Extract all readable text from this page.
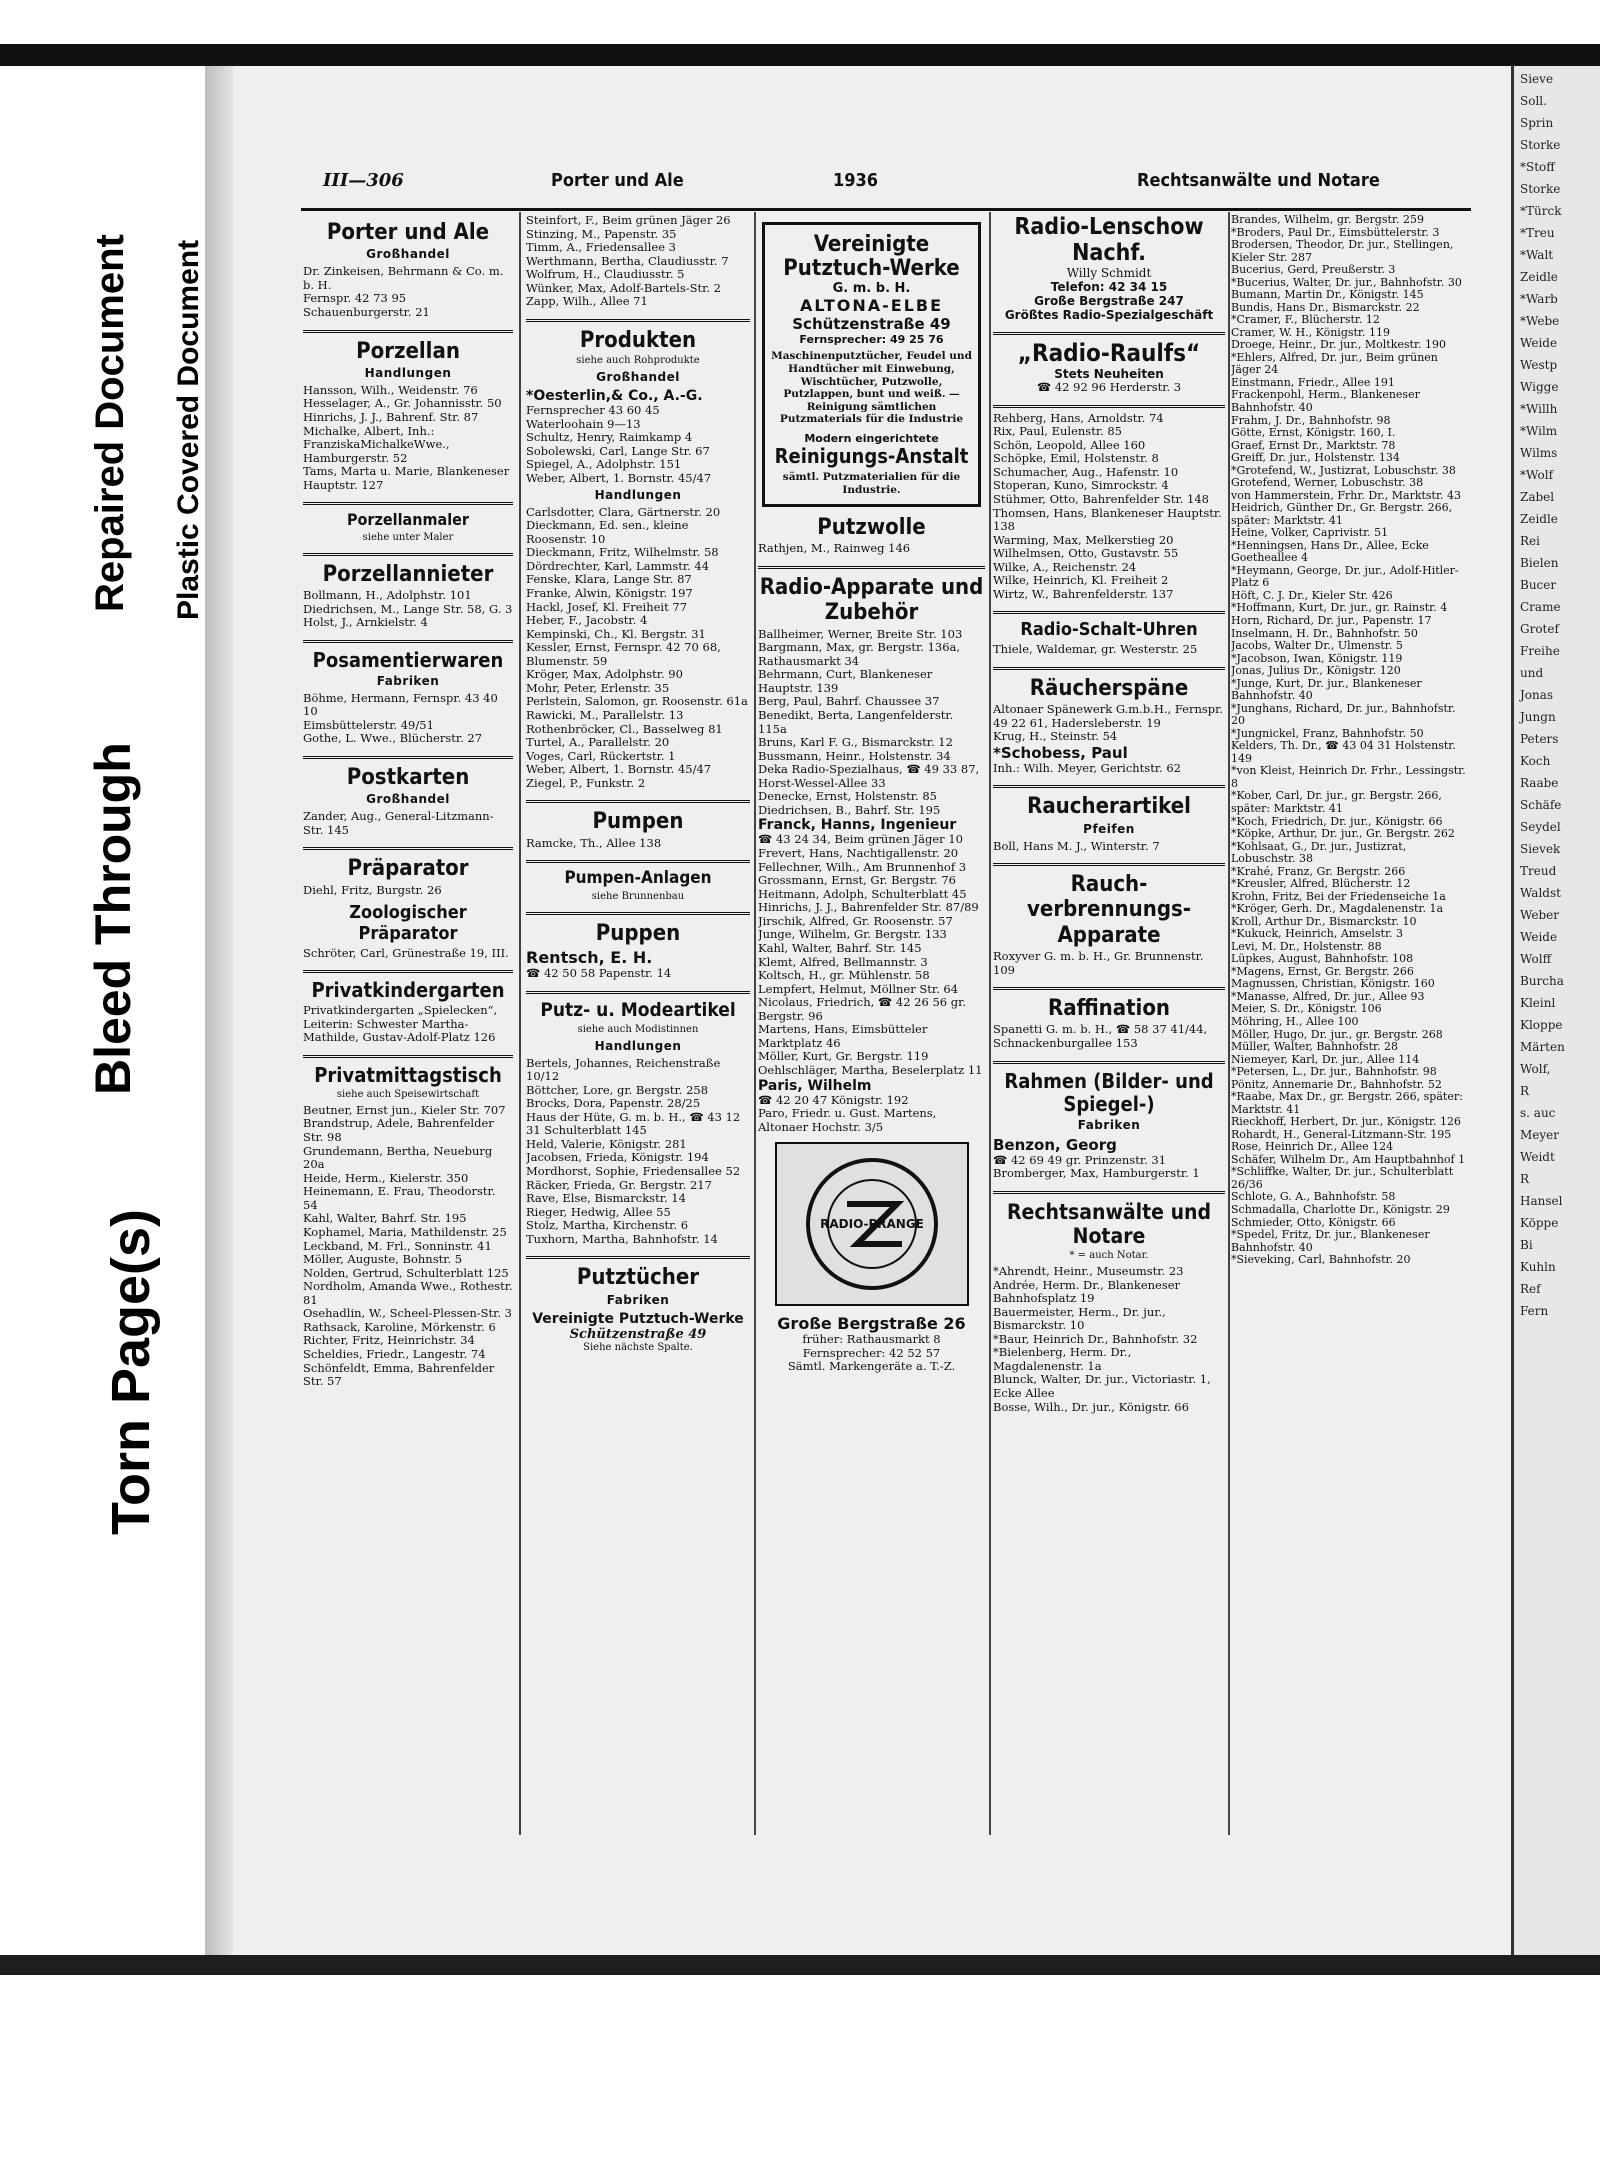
Torn Page(s)
Bleed Through
Repaired Document Plastic Covered Document
III—306	Porter und Ale	1936	Rechtsanwälte und Notare
Porter und Ale
Großhandel

Dr. Zinkeisen, Behrmann & Co. m. b. H.
Fernspr. 42 73 95
Schauenburgerstr. 21

Porzellan
Handlungen

Hansson, Wilh., Weidenstr. 76
Hesselager, A., Gr. Johannisstr. 50
Hinrichs, J. J., Bahrenf. Str. 87
Michalke, Albert, Inh.: FranziskaMichalkeWwe., Hamburgerstr. 52
Tams, Marta u. Marie, Blankeneser Hauptstr. 127

Porzellanmaler
siehe unter Maler
Porzellannieter

Bollmann, H., Adolphstr. 101
Diedrichsen, M., Lange Str. 58, G. 3
Holst, J., Arnkielstr. 4

Posamentierwaren
Fabriken

Böhme, Hermann, Fernspr. 43 40 10
Eimsbüttelerstr. 49/51
Gothe, L. Wwe., Blücherstr. 27

Postkarten
Großhandel

Zander, Aug., General-Litzmann-Str. 145

Präparator

Diehl, Fritz, Burgstr. 26

Zoologischer Präparator

Schröter, Carl, Grünestraße 19, III.

Privatkindergarten

Privatkindergarten „Spielecken“, Leiterin: Schwester Martha-Mathilde, Gustav-Adolf-Platz 126

Privatmittagstisch
siehe auch Speisewirtschaft

Beutner, Ernst jun., Kieler Str. 707
Brandstrup, Adele, Bahrenfelder Str. 98
Grundemann, Bertha, Neueburg 20a
Heide, Herm., Kielerstr. 350
Heinemann, E. Frau, Theodorstr. 54
Kahl, Walter, Bahrf. Str. 195
Kophamel, Maria, Mathildenstr. 25
Leckband, M. Frl., Sonninstr. 41
Möller, Auguste, Bohnstr. 5
Nolden, Gertrud, Schulterblatt 125
Nordholm, Amanda Wwe., Rothestr. 81
Osehadlin, W., Scheel-Plessen-Str. 3
Rathsack, Karoline, Mörkenstr. 6
Richter, Fritz, Heinrichstr. 34
Scheldies, Friedr., Langestr. 74
Schönfeldt, Emma, Bahrenfelder Str. 57

Steinfort, F., Beim grünen Jäger 26
Stinzing, M., Papenstr. 35
Timm, A., Friedensallee 3
Werthmann, Bertha, Claudiusstr. 7
Wolfrum, H., Claudiusstr. 5
Wünker, Max, Adolf-Bartels-Str. 2
Zapp, Wilh., Allee 71

Produkten
siehe auch Rohprodukte
Großhandel
*Oesterlin,& Co., A.-G.

Fernsprecher 43 60 45
Waterloohain 9—13
Schultz, Henry, Raimkamp 4
Sobolewski, Carl, Lange Str. 67
Spiegel, A., Adolphstr. 151
Weber, Albert, 1. Bornstr. 45/47

Handlungen

Carlsdotter, Clara, Gärtnerstr. 20
Dieckmann, Ed. sen., kleine Roosenstr. 10
Dieckmann, Fritz, Wilhelmstr. 58
Dördrechter, Karl, Lammstr. 44
Fenske, Klara, Lange Str. 87
Franke, Alwin, Königstr. 197
Hackl, Josef, Kl. Freiheit 77
Heber, F., Jacobstr. 4
Kempinski, Ch., Kl. Bergstr. 31
Kessler, Ernst, Fernspr. 42 70 68, Blumenstr. 59
Kröger, Max, Adolphstr. 90
Mohr, Peter, Erlenstr. 35
Perlstein, Salomon, gr. Roosenstr. 61a
Rawicki, M., Parallelstr. 13
Rothenbröcker, Cl., Basselweg 81
Turtel, A., Parallelstr. 20
Voges, Carl, Rückertstr. 1
Weber, Albert, 1. Bornstr. 45/47
Ziegel, P., Funkstr. 2

Pumpen

Ramcke, Th., Allee 138

Pumpen-Anlagen
siehe Brunnenbau
Puppen
Rentsch, E. H.

☎ 42 50 58 Papenstr. 14

Putz- u. Modeartikel
siehe auch Modistinnen
Handlungen

Bertels, Johannes, Reichenstraße 10/12
Böttcher, Lore, gr. Bergstr. 258
Brocks, Dora, Papenstr. 28/25
Haus der Hüte, G. m. b. H., ☎ 43 12 31 Schulterblatt 145
Held, Valerie, Königstr. 281
Jacobsen, Frieda, Königstr. 194
Mordhorst, Sophie, Friedensallee 52
Räcker, Frieda, Gr. Bergstr. 217
Rave, Else, Bismarckstr. 14
Rieger, Hedwig, Allee 55
Stolz, Martha, Kirchenstr. 6
Tuxhorn, Martha, Bahnhofstr. 14

Putztücher
Fabriken
Vereinigte Putztuch-Werke
Schützenstraße 49
Siehe nächste Spalte.
Vereinigte Putztuch-Werke
G. m. b. H.
ALTONA-ELBE
Schützenstraße 49
Fernsprecher: 49 25 76
Maschinenputztücher, Feudel und Handtücher mit Einwebung, Wischtücher, Putzwolle, Putzlappen, bunt und weiß. — Reinigung sämtlichen Putzmaterials für die Industrie
Modern eingerichtete
Reinigungs-Anstalt
sämtl. Putzmaterialien für die Industrie.
Putzwolle

Rathjen, M., Rainweg 146

Radio-Apparate und Zubehör

Ballheimer, Werner, Breite Str. 103
Bargmann, Max, gr. Bergstr. 136a, Rathausmarkt 34
Behrmann, Curt, Blankeneser Hauptstr. 139
Berg, Paul, Bahrf. Chaussee 37
Benedikt, Berta, Langenfelderstr. 115a
Bruns, Karl F. G., Bismarckstr. 12
Bussmann, Heinr., Holstenstr. 34
Deka Radio-Spezialhaus, ☎ 49 33 87, Horst-Wessel-Allee 33
Denecke, Ernst, Holstenstr. 85
Diedrichsen, B., Bahrf. Str. 195

Franck, Hanns, Ingenieur

☎ 43 24 34, Beim grünen Jäger 10
Frevert, Hans, Nachtigallenstr. 20
Fellechner, Wilh., Am Brunnenhof 3
Grossmann, Ernst, Gr. Bergstr. 76
Heitmann, Adolph, Schulterblatt 45
Hinrichs, J. J., Bahrenfelder Str. 87/89
Jirschik, Alfred, Gr. Roosenstr. 57
Junge, Wilhelm, Gr. Bergstr. 133
Kahl, Walter, Bahrf. Str. 145
Klemt, Alfred, Bellmannstr. 3
Koltsch, H., gr. Mühlenstr. 58
Lempfert, Helmut, Möllner Str. 64
Nicolaus, Friedrich, ☎ 42 26 56 gr. Bergstr. 96
Martens, Hans, Eimsbütteler Marktplatz 46
Möller, Kurt, Gr. Bergstr. 119
Oehlschläger, Martha, Beselerplatz 11

Paris, Wilhelm

☎ 42 20 47 Königstr. 192
Paro, Friedr. u. Gust. Martens, Altonaer Hochstr. 3/5

RADIO-PRANGE
Große Bergstraße 26

früher: Rathausmarkt 8
Fernsprecher: 42 52 57
Sämtl. Markengeräte a. T.-Z.

Radio-Lenschow Nachf.
Willy Schmidt
Telefon: 42 34 15
Große Bergstraße 247
Größtes Radio-Spezialgeschäft
„Radio-Raulfs“
Stets Neuheiten

☎ 42 92 96 Herderstr. 3

Rehberg, Hans, Arnoldstr. 74
Rix, Paul, Eulenstr. 85
Schön, Leopold, Allee 160
Schöpke, Emil, Holstenstr. 8
Schumacher, Aug., Hafenstr. 10
Stoperan, Kuno, Simrockstr. 4
Stühmer, Otto, Bahrenfelder Str. 148
Thomsen, Hans, Blankeneser Hauptstr. 138
Warming, Max, Melkerstieg 20
Wilhelmsen, Otto, Gustavstr. 55
Wilke, A., Reichenstr. 24
Wilke, Heinrich, Kl. Freiheit 2
Wirtz, W., Bahrenfelderstr. 137

Radio-Schalt-Uhren

Thiele, Waldemar, gr. Westerstr. 25

Räucherspäne

Altonaer Spänewerk G.m.b.H., Fernspr. 49 22 61, Hadersleberstr. 19
Krug, H., Steinstr. 54

*Schobess, Paul

Inh.: Wilh. Meyer, Gerichtstr. 62

Raucherartikel
Pfeifen

Boll, Hans M. J., Winterstr. 7

Rauch-verbrennungs-Apparate

Roxyver G. m. b. H., Gr. Brunnenstr. 109

Raffination

Spanetti G. m. b. H., ☎ 58 37 41/44, Schnackenburgallee 153

Rahmen (Bilder- und Spiegel-)
Fabriken
Benzon, Georg

☎ 42 69 49 gr. Prinzenstr. 31
Bromberger, Max, Hamburgerstr. 1

Rechtsanwälte und Notare
* = auch Notar.

*Ahrendt, Heinr., Museumstr. 23
Andrée, Herm. Dr., Blankeneser Bahnhofsplatz 19
Bauermeister, Herm., Dr. jur., Bismarckstr. 10
*Baur, Heinrich Dr., Bahnhofstr. 32
*Bielenberg, Herm. Dr., Magdalenenstr. 1a
Blunck, Walter, Dr. jur., Victoriastr. 1, Ecke Allee
Bosse, Wilh., Dr. jur., Königstr. 66

Brandes, Wilhelm, gr. Bergstr. 259
*Broders, Paul Dr., Eimsbüttelerstr. 3
Brodersen, Theodor, Dr. jur., Stellingen, Kieler Str. 287
Bucerius, Gerd, Preußerstr. 3
*Bucerius, Walter, Dr. jur., Bahnhofstr. 30
Bumann, Martin Dr., Königstr. 145
Bundis, Hans Dr., Bismarckstr. 22
*Cramer, F., Blücherstr. 12
Cramer, W. H., Königstr. 119
Droege, Heinr., Dr. jur., Moltkestr. 190
*Ehlers, Alfred, Dr. jur., Beim grünen Jäger 24
Einstmann, Friedr., Allee 191
Frackenpohl, Herm., Blankeneser Bahnhofstr. 40
Frahm, J. Dr., Bahnhofstr. 98
Götte, Ernst, Königstr. 160, I.
Graef, Ernst Dr., Marktstr. 78
Greiff, Dr. jur., Holstenstr. 134
*Grotefend, W., Justizrat, Lobuschstr. 38
Grotefend, Werner, Lobuschstr. 38
von Hammerstein, Frhr. Dr., Marktstr. 43
Heidrich, Günther Dr., Gr. Bergstr. 266, später: Marktstr. 41
Heine, Volker, Caprivistr. 51
*Henningsen, Hans Dr., Allee, Ecke Goetheallee 4
*Heymann, George, Dr. jur., Adolf-Hitler-Platz 6
Höft, C. J. Dr., Kieler Str. 426
*Hoffmann, Kurt, Dr. jur., gr. Rainstr. 4
Horn, Richard, Dr. jur., Papenstr. 17
Inselmann, H. Dr., Bahnhofstr. 50
Jacobs, Walter Dr., Ulmenstr. 5
*Jacobson, Iwan, Königstr. 119
Jonas, Julius Dr., Königstr. 120
*Junge, Kurt, Dr. jur., Blankeneser Bahnhofstr. 40
*Junghans, Richard, Dr. jur., Bahnhofstr. 20
*Jungnickel, Franz, Bahnhofstr. 50
Kelders, Th. Dr., ☎ 43 04 31 Holstenstr. 149
*von Kleist, Heinrich Dr. Frhr., Lessingstr. 8
*Kober, Carl, Dr. jur., gr. Bergstr. 266, später: Marktstr. 41
*Koch, Friedrich, Dr. jur., Königstr. 66
*Köpke, Arthur, Dr. jur., Gr. Bergstr. 262
*Kohlsaat, G., Dr. jur., Justizrat, Lobuschstr. 38
*Krahé, Franz, Gr. Bergstr. 266
*Kreusler, Alfred, Blücherstr. 12
Krohn, Fritz, Bei der Friedenseiche 1a
*Kröger, Gerh. Dr., Magdalenenstr. 1a
Kroll, Arthur Dr., Bismarckstr. 10
*Kukuck, Heinrich, Amselstr. 3
Levi, M. Dr., Holstenstr. 88
Lüpkes, August, Bahnhofstr. 108
*Magens, Ernst, Gr. Bergstr. 266
Magnussen, Christian, Königstr. 160
*Manasse, Alfred, Dr. jur., Allee 93
Meier, S. Dr., Königstr. 106
Möhring, H., Allee 100
Möller, Hugo, Dr. jur., gr. Bergstr. 268
Müller, Walter, Bahnhofstr. 28
Niemeyer, Karl, Dr. jur., Allee 114
*Petersen, L., Dr. jur., Bahnhofstr. 98
Pönitz, Annemarie Dr., Bahnhofstr. 52
*Raabe, Max Dr., gr. Bergstr. 266, später: Marktstr. 41
Rieckhoff, Herbert, Dr. jur., Königstr. 126
Rohardt, H., General-Litzmann-Str. 195
Rose, Heinrich Dr., Allee 124
Schäfer, Wilhelm Dr., Am Hauptbahnhof 1
*Schliffke, Walter, Dr. jur., Schulterblatt 26/36
Schlote, G. A., Bahnhofstr. 58
Schmadalla, Charlotte Dr., Königstr. 29
Schmieder, Otto, Königstr. 66
*Spedel, Fritz, Dr. jur., Blankeneser Bahnhofstr. 40
*Sieveking, Carl, Bahnhofstr. 20

Sieve
Soll.
Sprin
Storke
*Stoff
Storke
*Türck
*Treu
*Walt
Zeidle
*Warb
*Webe
Weide
Westp
Wigge
*Willh
*Wilm
Wilms
*Wolf
Zabel
Zeidle
Rei
Bielen
Bucer
Crame
Grotef
Freihe
und
Jonas
Jungn
Peters
Koch
Raabe
Schäfe
Seydel
Sievek
Treud
Waldst
Weber
Weide
Wolff
Burcha
Kleinl
Kloppe
Märten
Wolf,
R
s. auc
Meyer
Weidt
R
Hansel
Köppe
Bi
Kuhln
Ref
Fern
